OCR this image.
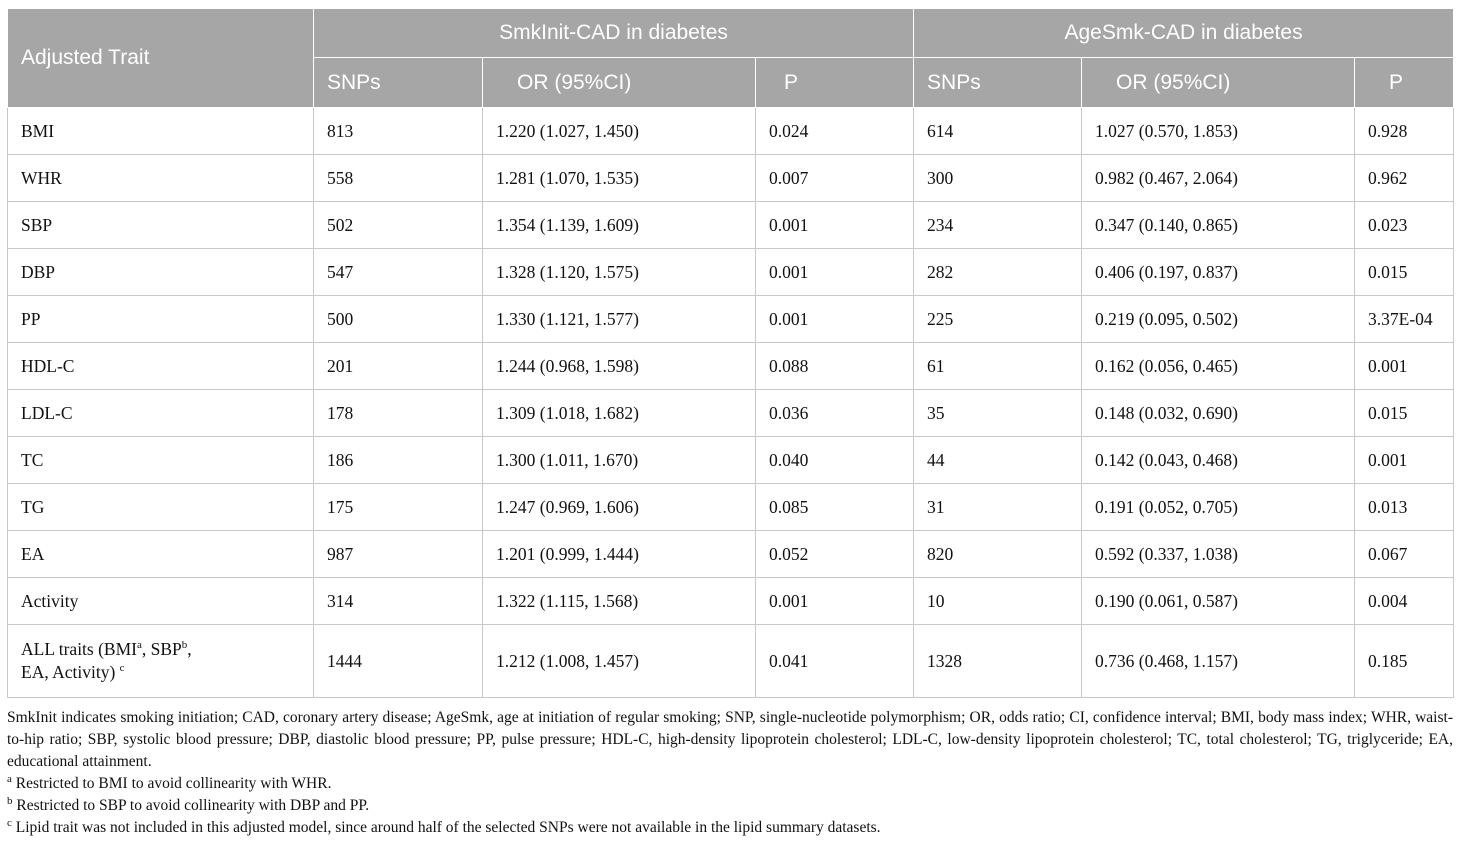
Adjusted Trait	SmkInit-CAD in diabetes			AgeSmk-CAD in diabetes		
	SNPs	OR (95%CI)	P	SNPs	OR (95%CI)	P
BMI	813	1.220 (1.027, 1.450)	0.024	614	1.027 (0.570, 1.853)	0.928
WHR	558	1.281 (1.070, 1.535)	0.007	300	0.982 (0.467, 2.064)	0.962
SBP	502	1.354 (1.139, 1.609)	0.001	234	0.347 (0.140, 0.865)	0.023
DBP	547	1.328 (1.120, 1.575)	0.001	282	0.406 (0.197, 0.837)	0.015
PP	500	1.330 (1.121, 1.577)	0.001	225	0.219 (0.095, 0.502)	3.37E-04
HDL-C	201	1.244 (0.968, 1.598)	0.088	61	0.162 (0.056, 0.465)	0.001
LDL-C	178	1.309 (1.018, 1.682)	0.036	35	0.148 (0.032, 0.690)	0.015
TC	186	1.300 (1.011, 1.670)	0.040	44	0.142 (0.043, 0.468)	0.001
TG	175	1.247 (0.969, 1.606)	0.085	31	0.191 (0.052, 0.705)	0.013
EA	987	1.201 (0.999, 1.444)	0.052	820	0.592 (0.337, 1.038)	0.067
Activity	314	1.322 (1.115, 1.568)	0.001	10	0.190 (0.061, 0.587)	0.004
ALL traits (BMI$^a$, SBP$^b$,
EA, Activity) $^c$	1444	1.212 (1.008, 1.457)	0.041	1328	0.736 (0.468, 1.157)	0.185

SmkInit indicates smoking initiation; CAD, coronary artery disease; AgeSmk, age at initiation of regular smoking; SNP, single-nucleotide polymorphism; OR, odds ratio; CI, confidence interval; BMI, body mass index; WHR, waist-to-hip ratio; SBP, systolic blood pressure; DBP, diastolic blood pressure; PP, pulse pressure; HDL-C, high-density lipoprotein cholesterol; LDL-C, low-density lipoprotein cholesterol; TC, total cholesterol; TG, triglyceride; EA, educational attainment.

$^a$ Restricted to BMI to avoid collinearity with WHR.

$^b$ Restricted to SBP to avoid collinearity with DBP and PP.

$^c$ Lipid trait was not included in this adjusted model, since around half of the selected SNPs were not available in the lipid summary datasets.
